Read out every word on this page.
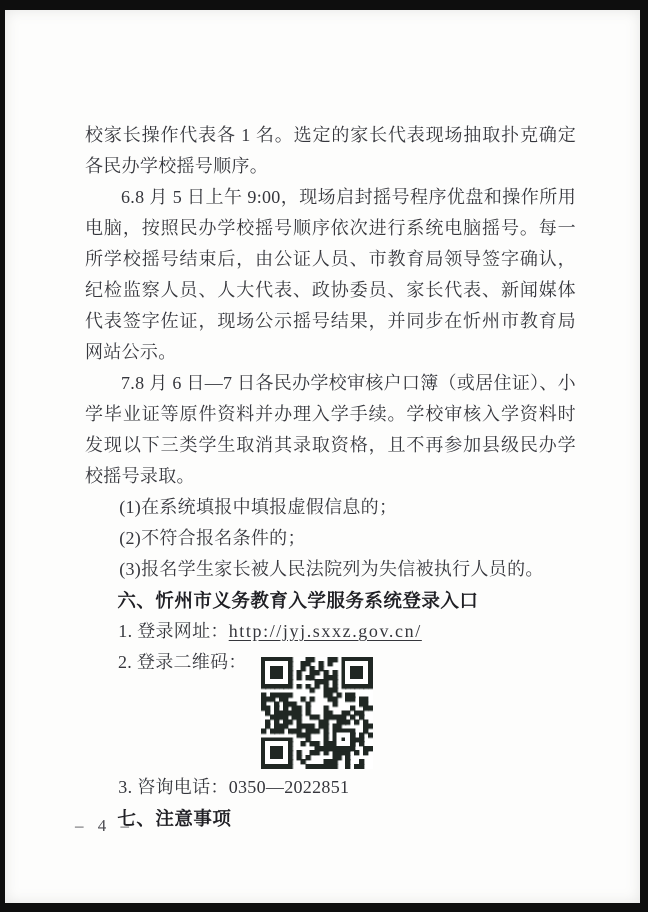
校家长操作代表各 1 名。选定的家长代表现场抽取扑克确定各民办学校摇号顺序。

6.8 月 5 日上午 9:00，现场启封摇号程序优盘和操作所用电脑，按照民办学校摇号顺序依次进行系统电脑摇号。每一所学校摇号结束后，由公证人员、市教育局领导签字确认，纪检监察人员、人大代表、政协委员、家长代表、新闻媒体代表签字佐证，现场公示摇号结果，并同步在忻州市教育局网站公示。

7.8 月 6 日—7 日各民办学校审核户口簿（或居住证）、小学毕业证等原件资料并办理入学手续。学校审核入学资料时发现以下三类学生取消其录取资格，且不再参加县级民办学校摇号录取。

(1)在系统填报中填报虚假信息的；

(2)不符合报名条件的；

(3)报名学生家长被人民法院列为失信被执行人员的。

六、忻州市义务教育入学服务系统登录入口

1. 登录网址：http://jyj.sxxz.gov.cn/

2. 登录二维码：

3. 咨询电话：0350—2022851

七、注意事项

– 4 –
